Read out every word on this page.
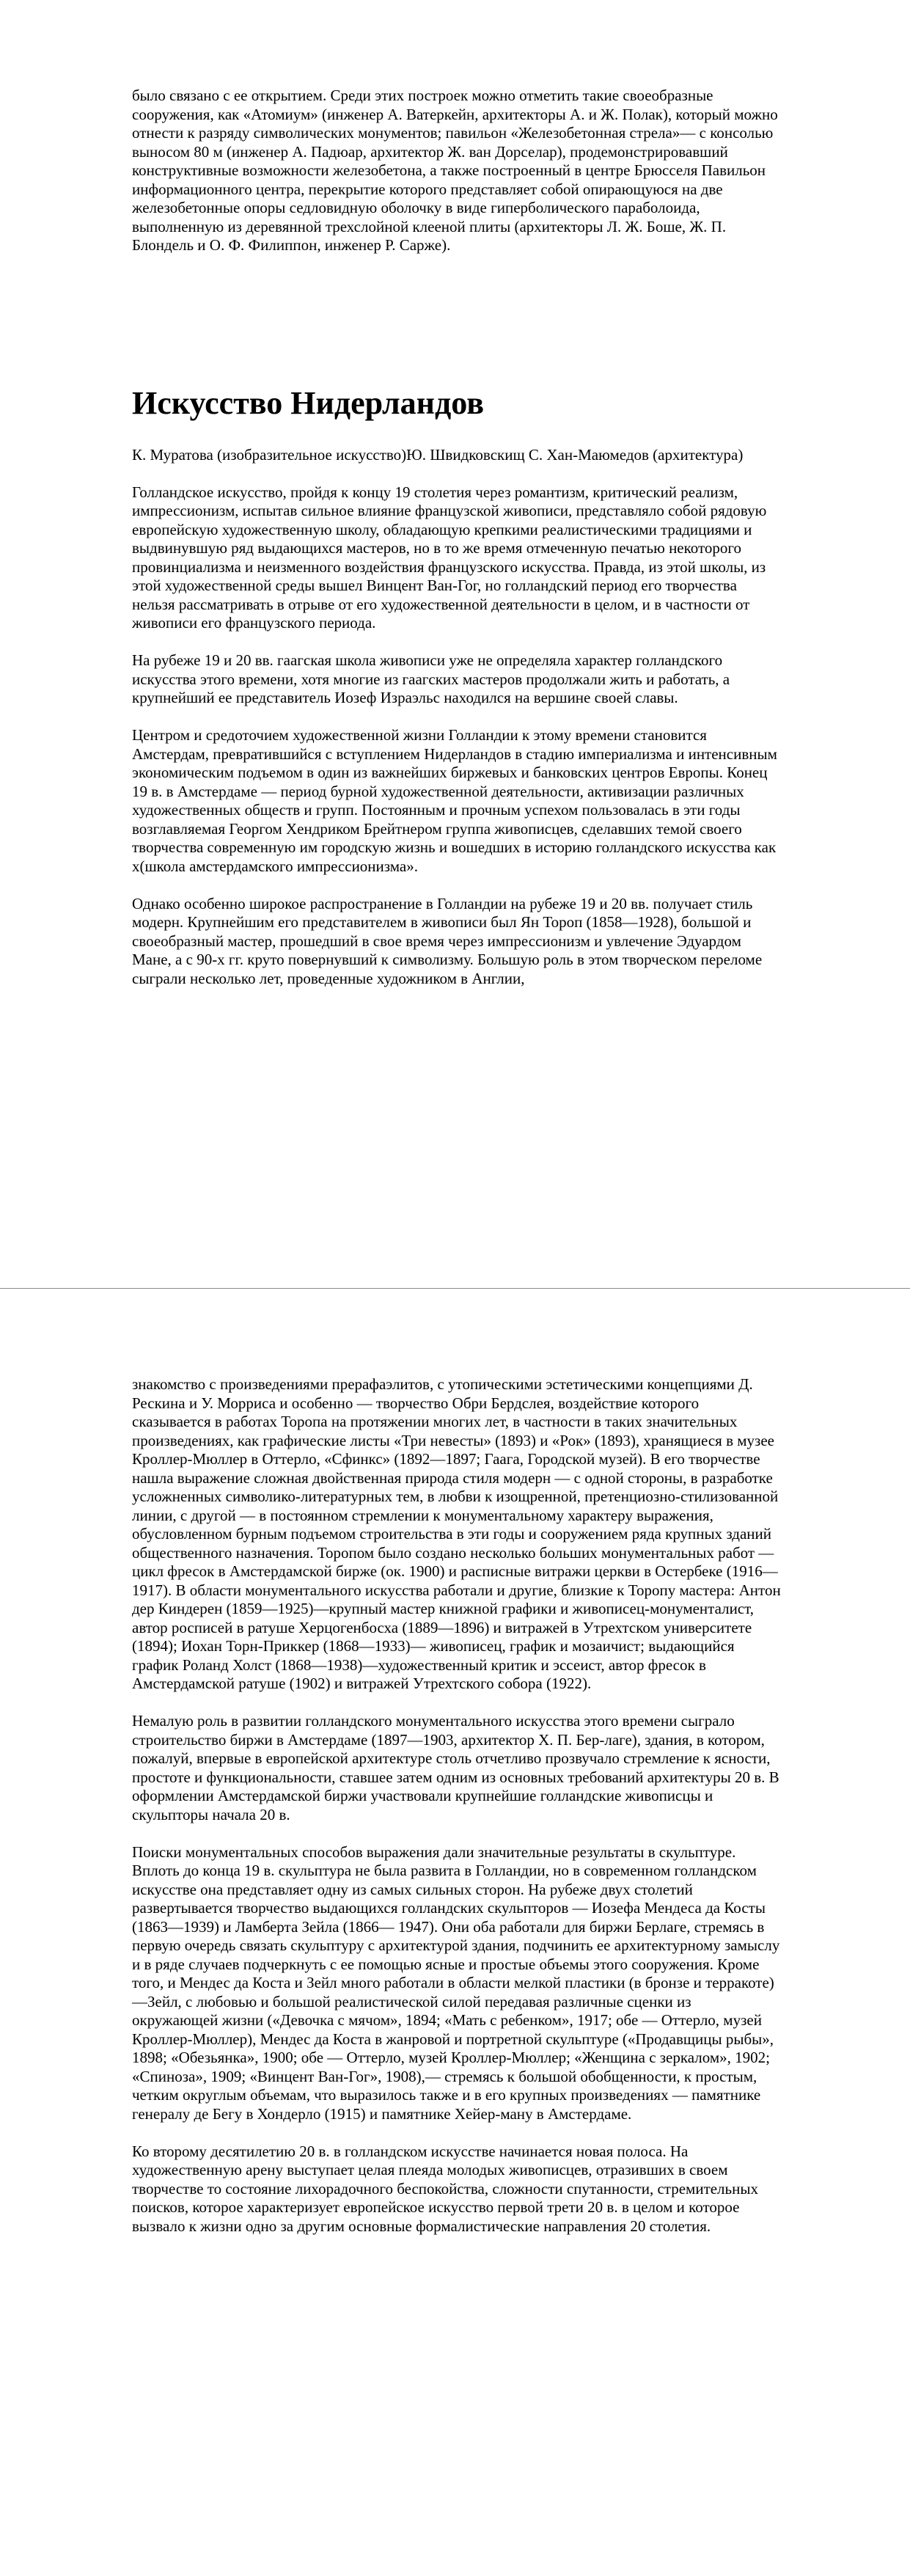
было связано с ее открытием. Среди этих построек можно отметить такие своеобразные сооружения, как «Атомиум» (инженер А. Ватеркейн, архитекторы А. и Ж. Полак), который можно отнести к разряду символических монументов; павильон «Железобетонная стрела»— с консолью выносом 80 м (инженер А. Падюар, архитектор Ж. ван Дорселар), продемонстрировавший конструктивные возможности железобетона, а также построенный в центре Брюсселя Павильон информационного центра, перекрытие которого представляет собой опирающуюся на две железобетонные опоры седловидную оболочку в виде гиперболического параболоида, выполненную из деревянной трехслойной клееной плиты (архитекторы Л. Ж. Боше, Ж. П. Блондель и О. Ф. Филиппон, инженер Р. Сарже).

Искусство Нидерландов

К. Муратова (изобразительное искусство)Ю. Швидковскищ С. Хан-Маюмедов (архитектура)

Голландское искусство, пройдя к концу 19 столетия через романтизм, критический реализм, импрессионизм, испытав сильное влияние французской живописи, представляло собой рядовую европейскую художественную школу, обладающую крепкими реалистическими традициями и выдвинувшую ряд выдающихся мастеров, но в то же время отмеченную печатью некоторого провинциализма и неизменного воздействия французского искусства. Правда, из этой школы, из этой художественной среды вышел Винцент Ван-Гог, но голландский период его творчества нельзя рассматривать в отрыве от его художественной деятельности в целом, и в частности от живописи его французского периода.

На рубеже 19 и 20 вв. гаагская школа живописи уже не определяла характер голландского искусства этого времени, хотя многие из гаагских мастеров продолжали жить и работать, а крупнейший ее представитель Иозеф Израэльс находился на вершине своей славы.

Центром и средоточием художественной жизни Голландии к этому времени становится Амстердам, превратившийся с вступлением Нидерландов в стадию империализма и интенсивным экономическим подъемом в один из важнейших биржевых и банковских центров Европы. Конец 19 в. в Амстердаме — период бурной художественной деятельности, активизации различных художественных обществ и групп. Постоянным и прочным успехом пользовалась в эти годы возглавляемая Георгом Хендриком Брейтнером группа живописцев, сделавших темой своего творчества современную им городскую жизнь и вошедших в историю голландского искусства как х(школа амстердамского импрессионизма».

Однако особенно широкое распространение в Голландии на рубеже 19 и 20 вв. получает стиль модерн. Крупнейшим его представителем в живописи был Ян Тороп (1858—1928), большой и своеобразный мастер, прошедший в свое время через импрессионизм и увлечение Эдуардом Мане, а с 90-х гг. круто повернувший к символизму. Большую роль в этом творческом переломе сыграли несколько лет, проведенные художником в Англии,

знакомство с произведениями прерафаэлитов, с утопическими эстетическими концепциями Д. Рескина и У. Морриса и особенно — творчество Обри Бердслея, воздействие которого сказывается в работах Торопа на протяжении многих лет, в частности в таких значительных произведениях, как графические листы «Три невесты» (1893) и «Рок» (1893), хранящиеся в музее Кроллер-Мюллер в Оттерло, «Сфинкс» (1892—1897; Гаага, Городской музей). В его творчестве нашла выражение сложная двойственная природа стиля модерн — с одной стороны, в разработке усложненных символико-литературных тем, в любви к изощренной, претенциозно-стилизованной линии, с другой — в постоянном стремлении к монументальному характеру выражения, обусловленном бурным подъемом строительства в эти годы и сооружением ряда крупных зданий общественного назначения. Торопом было создано несколько больших монументальных работ — цикл фресок в Амстердамской бирже (ок. 1900) и расписные витражи церкви в Остербеке (1916—1917). В области монументального искусства работали и другие, близкие к Торопу мастера: Антон дер Киндерен (1859—1925)—крупный мастер книжной графики и живописец-монументалист, автор росписей в ратуше Херцогенбосха (1889—1896) и витражей в Утрехтском университете (1894); Иохан Торн-Приккер (1868—1933)— живописец, график и мозаичист; выдающийся график Роланд Холст (1868—1938)—художественный критик и эссеист, автор фресок в Амстердамской ратуше (1902) и витражей Утрехтского собора (1922).

Немалую роль в развитии голландского монументального искусства этого времени сыграло строительство биржи в Амстердаме (1897—1903, архитектор X. П. Бер-лаге), здания, в котором, пожалуй, впервые в европейской архитектуре столь отчетливо прозвучало стремление к ясности, простоте и функциональности, ставшее затем одним из основных требований архитектуры 20 в. В оформлении Амстердамской биржи участвовали крупнейшие голландские живописцы и скульпторы начала 20 в.

Поиски монументальных способов выражения дали значительные результаты в скульптуре. Вплоть до конца 19 в. скульптура не была развита в Голландии, но в современном голландском искусстве она представляет одну из самых сильных сторон. На рубеже двух столетий развертывается творчество выдающихся голландских скульпторов — Иозефа Мендеса да Косты (1863—1939) и Ламберта Зейла (1866— 1947). Они оба работали для биржи Берлаге, стремясь в первую очередь связать скульптуру с архитектурой здания, подчинить ее архитектурному замыслу и в ряде случаев подчеркнуть с ее помощью ясные и простые объемы этого сооружения. Кроме того, и Мендес да Коста и Зейл много работали в области мелкой пластики (в бронзе и терракоте)—Зейл, с любовью и большой реалистической силой передавая различные сценки из окружающей жизни («Девочка с мячом», 1894; «Мать с ребенком», 1917; обе — Оттерло, музей Кроллер-Мюллер), Мендес да Коста в жанровой и портретной скульптуре («Продавщицы рыбы», 1898; «Обезьянка», 1900; обе — Оттерло, музей Кроллер-Мюллер; «Женщина с зеркалом», 1902; «Спиноза», 1909; «Винцент Ван-Гог», 1908),— стремясь к большой обобщенности, к простым, четким округлым объемам, что выразилось также и в его крупных произведениях — памятнике генералу де Бегу в Хондерло (1915) и памятнике Хейер-ману в Амстердаме.

Ко второму десятилетию 20 в. в голландском искусстве начинается новая полоса. На художественную арену выступает целая плеяда молодых живописцев, отразивших в своем творчестве то состояние лихорадочного беспокойства, сложности спутанности, стремительных поисков, которое характеризует европейское искусство первой трети 20 в. в целом и которое вызвало к жизни одно за другим основные формалистические направления 20 столетия.
